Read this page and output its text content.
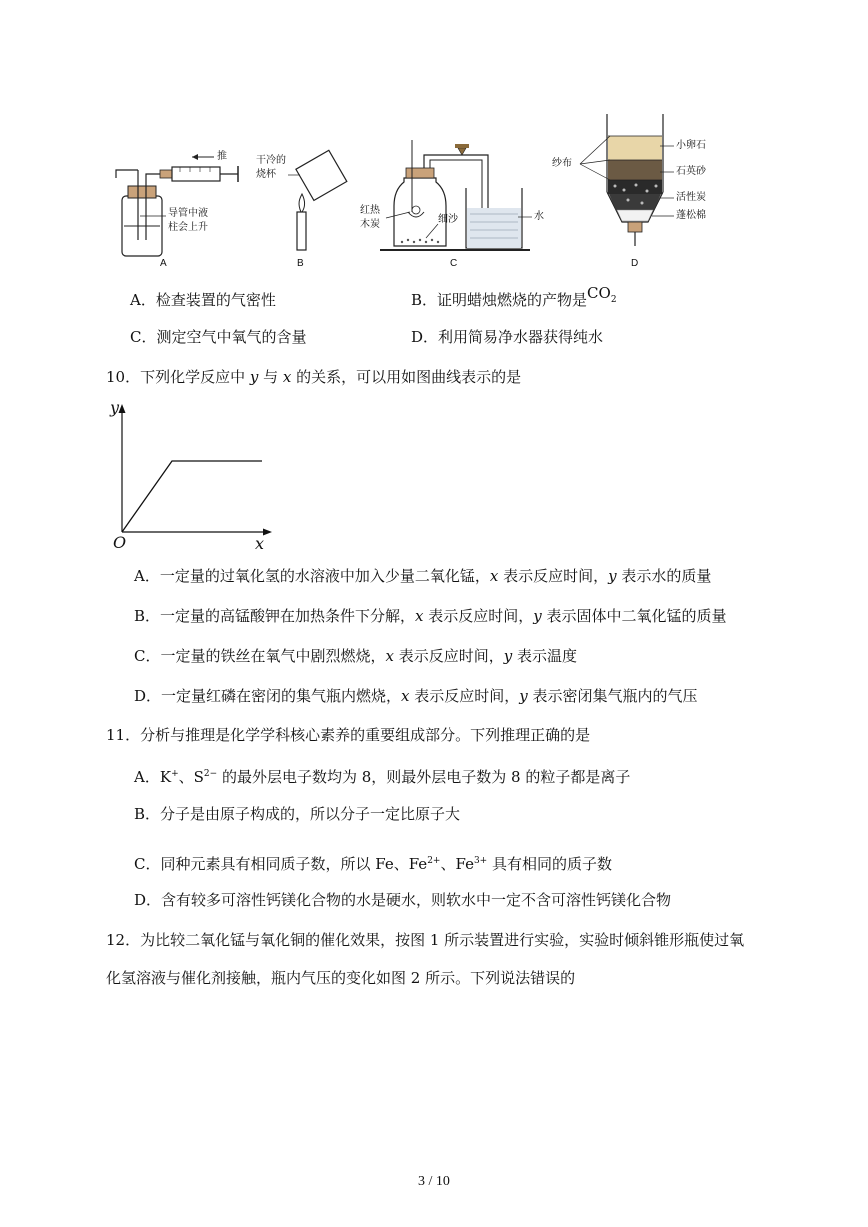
推
导管中液
柱会上升
A
干冷的
烧杯
B
红热
木炭	细沙	水
C
纱布
小卵石
石英砂
活性炭
蓬松棉
D
A．检查装置的气密性	B．证明蜡烛燃烧的产物是$CO_2$
C．测定空气中氧气的含量	D．利用简易净水器获得纯水
10．下列化学反应中 y 与 x 的关系，可以用如图曲线表示的是
y
x
O
A．一定量的过氧化氢的水溶液中加入少量二氧化锰，x 表示反应时间，y 表示水的质量
B．一定量的高锰酸钾在加热条件下分解，x 表示反应时间，y 表示固体中二氧化锰的质量
C．一定量的铁丝在氧气中剧烈燃烧，x 表示反应时间，y 表示温度
D．一定量红磷在密闭的集气瓶内燃烧，x 表示反应时间，y 表示密闭集气瓶内的气压
11．分析与推理是化学学科核心素养的重要组成部分。下列推理正确的是
A．K+、$S^{2-}$ 的最外层电子数均为 8，则最外层电子数为 8 的粒子都是离子
B．分子是由原子构成的，所以分子一定比原子大
C．同种元素具有相同质子数，所以 Fe、$Fe^{2+}$、$Fe^{3+}$ 具有相同的质子数
D．含有较多可溶性钙镁化合物的水是硬水，则软水中一定不含可溶性钙镁化合物
12．为比较二氧化锰与氧化铜的催化效果，按图 1 所示装置进行实验，实验时倾斜锥形瓶使过氧
化氢溶液与催化剂接触，瓶内气压的变化如图 2 所示。下列说法错误的
3 / 10
